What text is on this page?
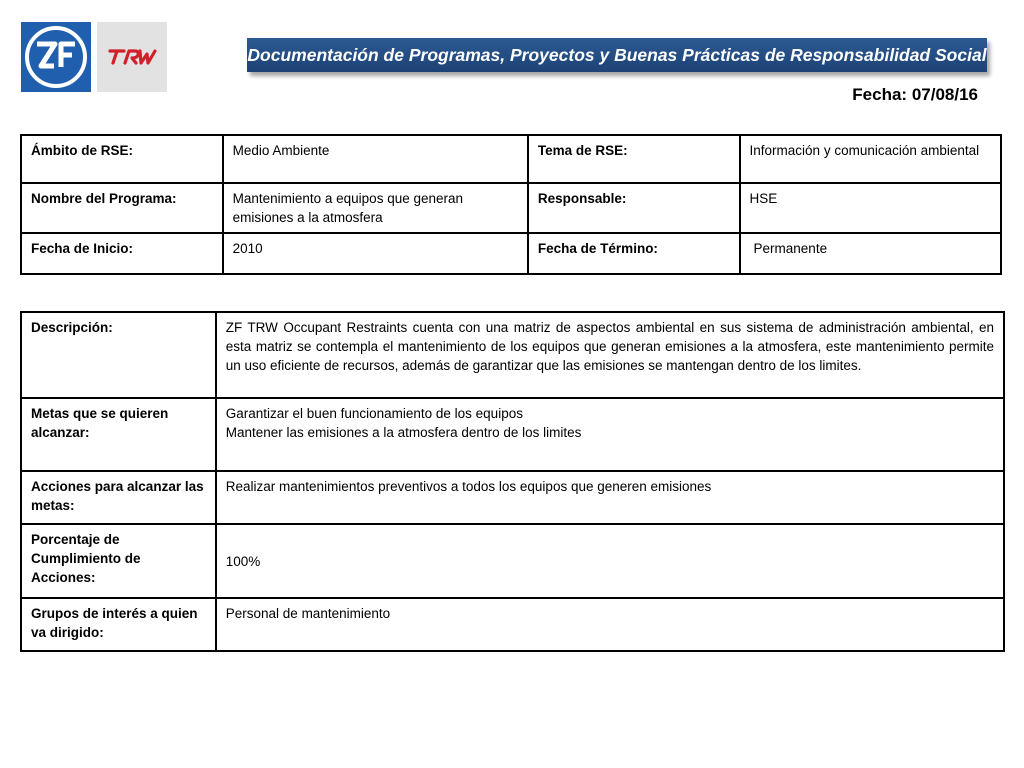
Documentación de Programas, Proyectos y Buenas Prácticas de Responsabilidad Social
Fecha: 07/08/16
Ámbito de RSE:	Medio Ambiente	Tema de RSE:	Información y comunicación ambiental
Nombre del Programa:	Mantenimiento a equipos que generan emisiones a la atmosfera	Responsable:	HSE
Fecha de Inicio:	2010	Fecha de Término:	Permanente
Descripción:	ZF TRW Occupant Restraints cuenta con una matriz de aspectos ambiental en sus sistema de administración ambiental, en esta matriz se contempla el mantenimiento de los equipos que generan emisiones a la atmosfera, este mantenimiento permite un uso eficiente de recursos, además de garantizar que las emisiones se mantengan dentro de los limites.
Metas que se quieren alcanzar:	Garantizar el buen funcionamiento de los equipos
Mantener las emisiones a la atmosfera dentro de los limites

Acciones para alcanzar las metas:	Realizar mantenimientos preventivos a todos los equipos que generen emisiones
Porcentaje de Cumplimiento de Acciones:	100%
Grupos de interés a quien va dirigido:	Personal de mantenimiento
